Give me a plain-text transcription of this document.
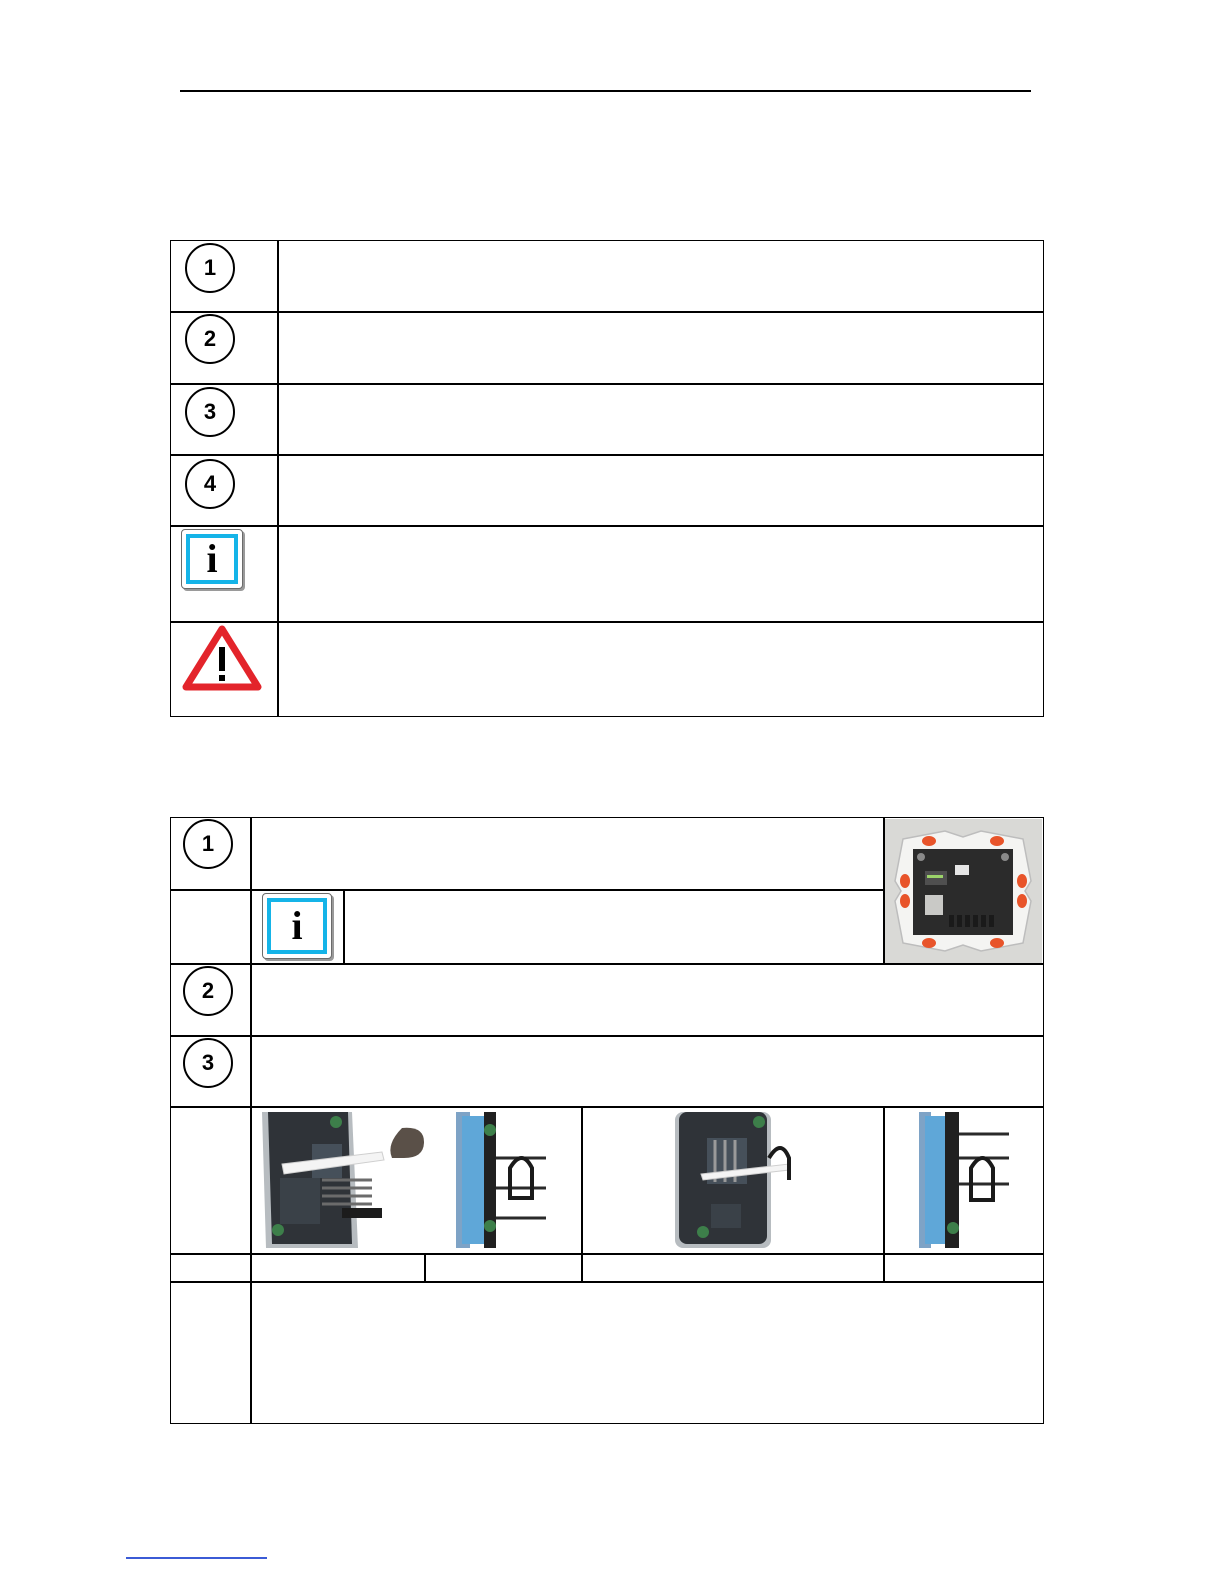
1
2
3
4
i
1
2
3
i
